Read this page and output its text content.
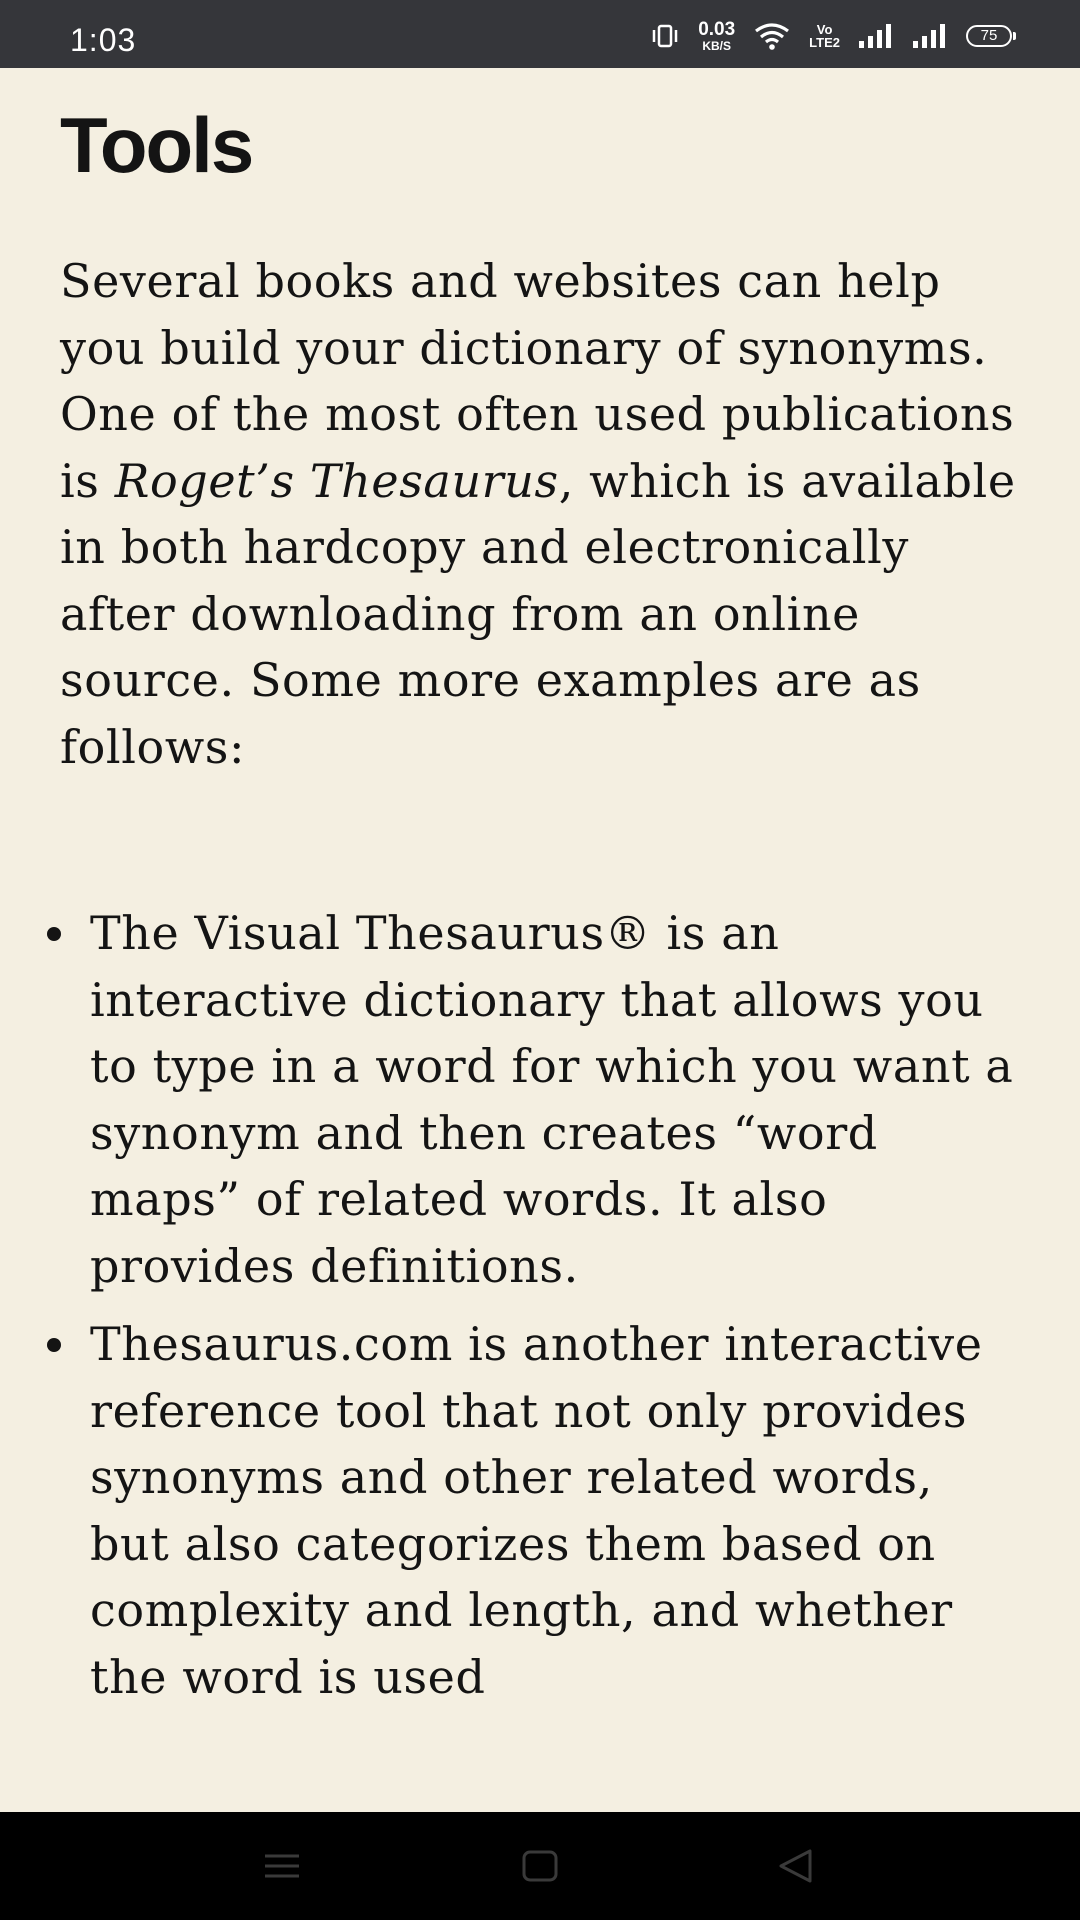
1:03	0.03
KB/S
Vo
LTE2	75
Tools

Several books and websites can help you build your dictionary of synonyms. One of the most often used publications is Roget’s Thesaurus, which is available in both hardcopy and electronically after downloading from an online source. Some more examples are as follows:

The Visual Thesaurus® is an interactive dictionary that allows you to type in a word for which you want a synonym and then creates “word maps” of related words. It also provides definitions.
Thesaurus.com is another interactive reference tool that not only provides synonyms and other related words, but also categorizes them based on complexity and length, and whether the word is used
